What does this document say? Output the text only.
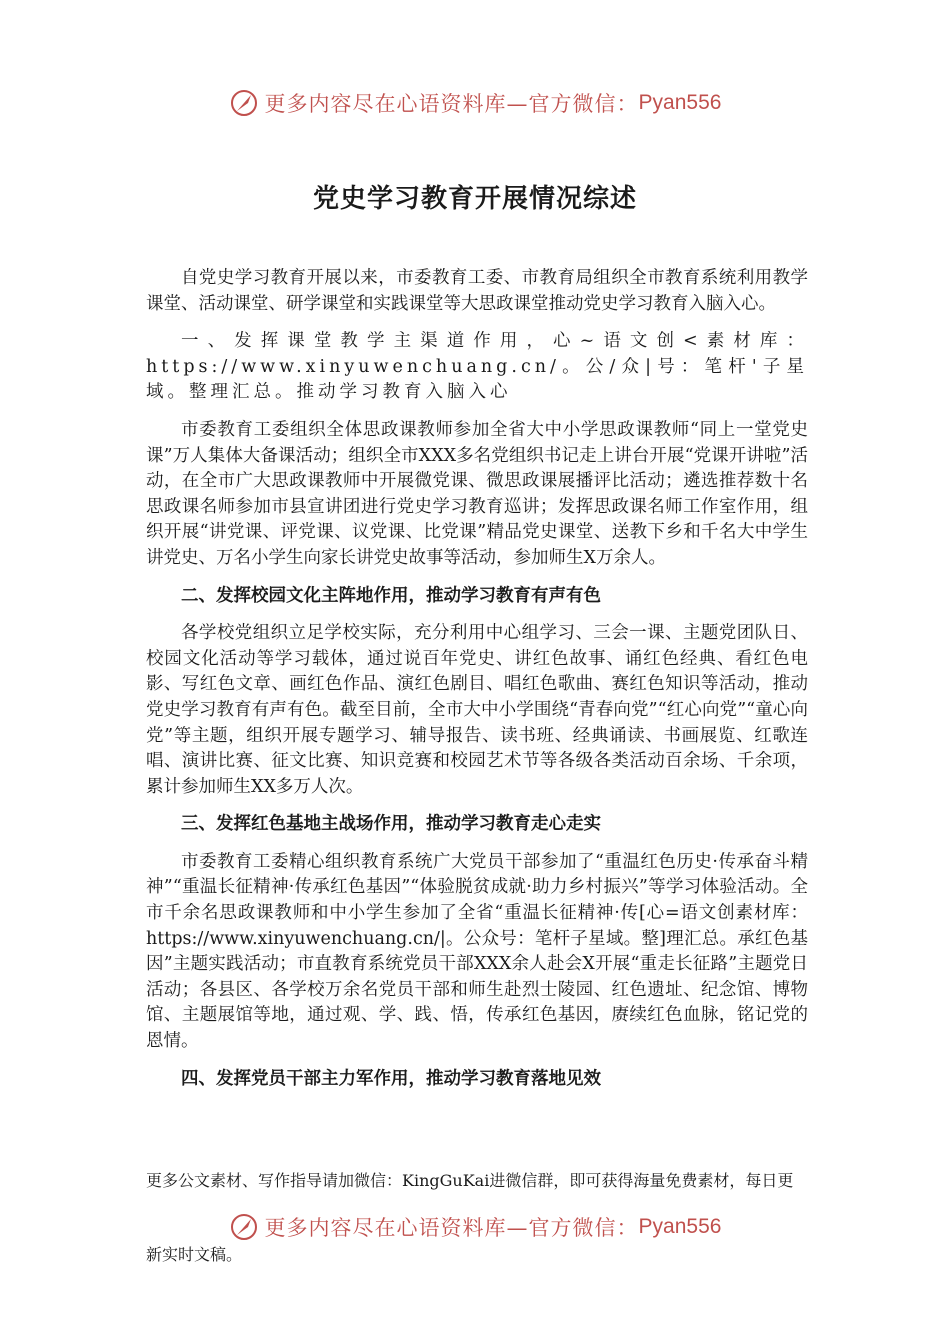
更多内容尽在心语资料库—官方微信： Pyan556
党史学习教育开展情况综述

自党史学习教育开展以来，市委教育工委、市教育局组织全市教育系统利用教学课堂、活动课堂、研学课堂和实践课堂等大思政课堂推动党史学习教育入脑入心。

一、发挥课堂教学主渠道作用，心~语文创<素材库：https://www.xinyuwenchuang.cn/。公/众|号：笔杆'子星域。整理汇总。推动学习教育入脑入心

市委教育工委组织全体思政课教师参加全省大中小学思政课教师“同上一堂党史课”万人集体大备课活动；组织全市XXX多名党组织书记走上讲台开展“党课开讲啦”活动，在全市广大思政课教师中开展微党课、微思政课展播评比活动；遴选推荐数十名思政课名师参加市县宣讲团进行党史学习教育巡讲；发挥思政课名师工作室作用，组织开展“讲党课、评党课、议党课、比党课”精品党史课堂、送教下乡和千名大中学生讲党史、万名小学生向家长讲党史故事等活动，参加师生X万余人。

二、发挥校园文化主阵地作用，推动学习教育有声有色

各学校党组织立足学校实际，充分利用中心组学习、三会一课、主题党团队日、校园文化活动等学习载体，通过说百年党史、讲红色故事、诵红色经典、看红色电影、写红色文章、画红色作品、演红色剧目、唱红色歌曲、赛红色知识等活动，推动党史学习教育有声有色。截至目前，全市大中小学围绕“青春向党”“红心向党”“童心向党”等主题，组织开展专题学习、辅导报告、读书班、经典诵读、书画展览、红歌连唱、演讲比赛、征文比赛、知识竞赛和校园艺术节等各级各类活动百余场、千余项，累计参加师生XX多万人次。

三、发挥红色基地主战场作用，推动学习教育走心走实

市委教育工委精心组织教育系统广大党员干部参加了“重温红色历史·传承奋斗精神”“重温长征精神·传承红色基因”“体验脱贫成就·助力乡村振兴”等学习体验活动。全市千余名思政课教师和中小学生参加了全省“重温长征精神·传[心=语文创素材库：https://www.xinyuwenchuang.cn/|。公众号：笔杆子星域。整]理汇总。承红色基因”主题实践活动；市直教育系统党员干部XXX余人赴会X开展“重走长征路”主题党日活动；各县区、各学校万余名党员干部和师生赴烈士陵园、红色遗址、纪念馆、博物馆、主题展馆等地，通过观、学、践、悟，传承红色基因，赓续红色血脉，铭记党的恩情。

四、发挥党员干部主力军作用，推动学习教育落地见效

更多公文素材、写作指导请加微信：KingGuKai进微信群，即可获得海量免费素材，每日更
更多内容尽在心语资料库—官方微信： Pyan556
新实时文稿。
